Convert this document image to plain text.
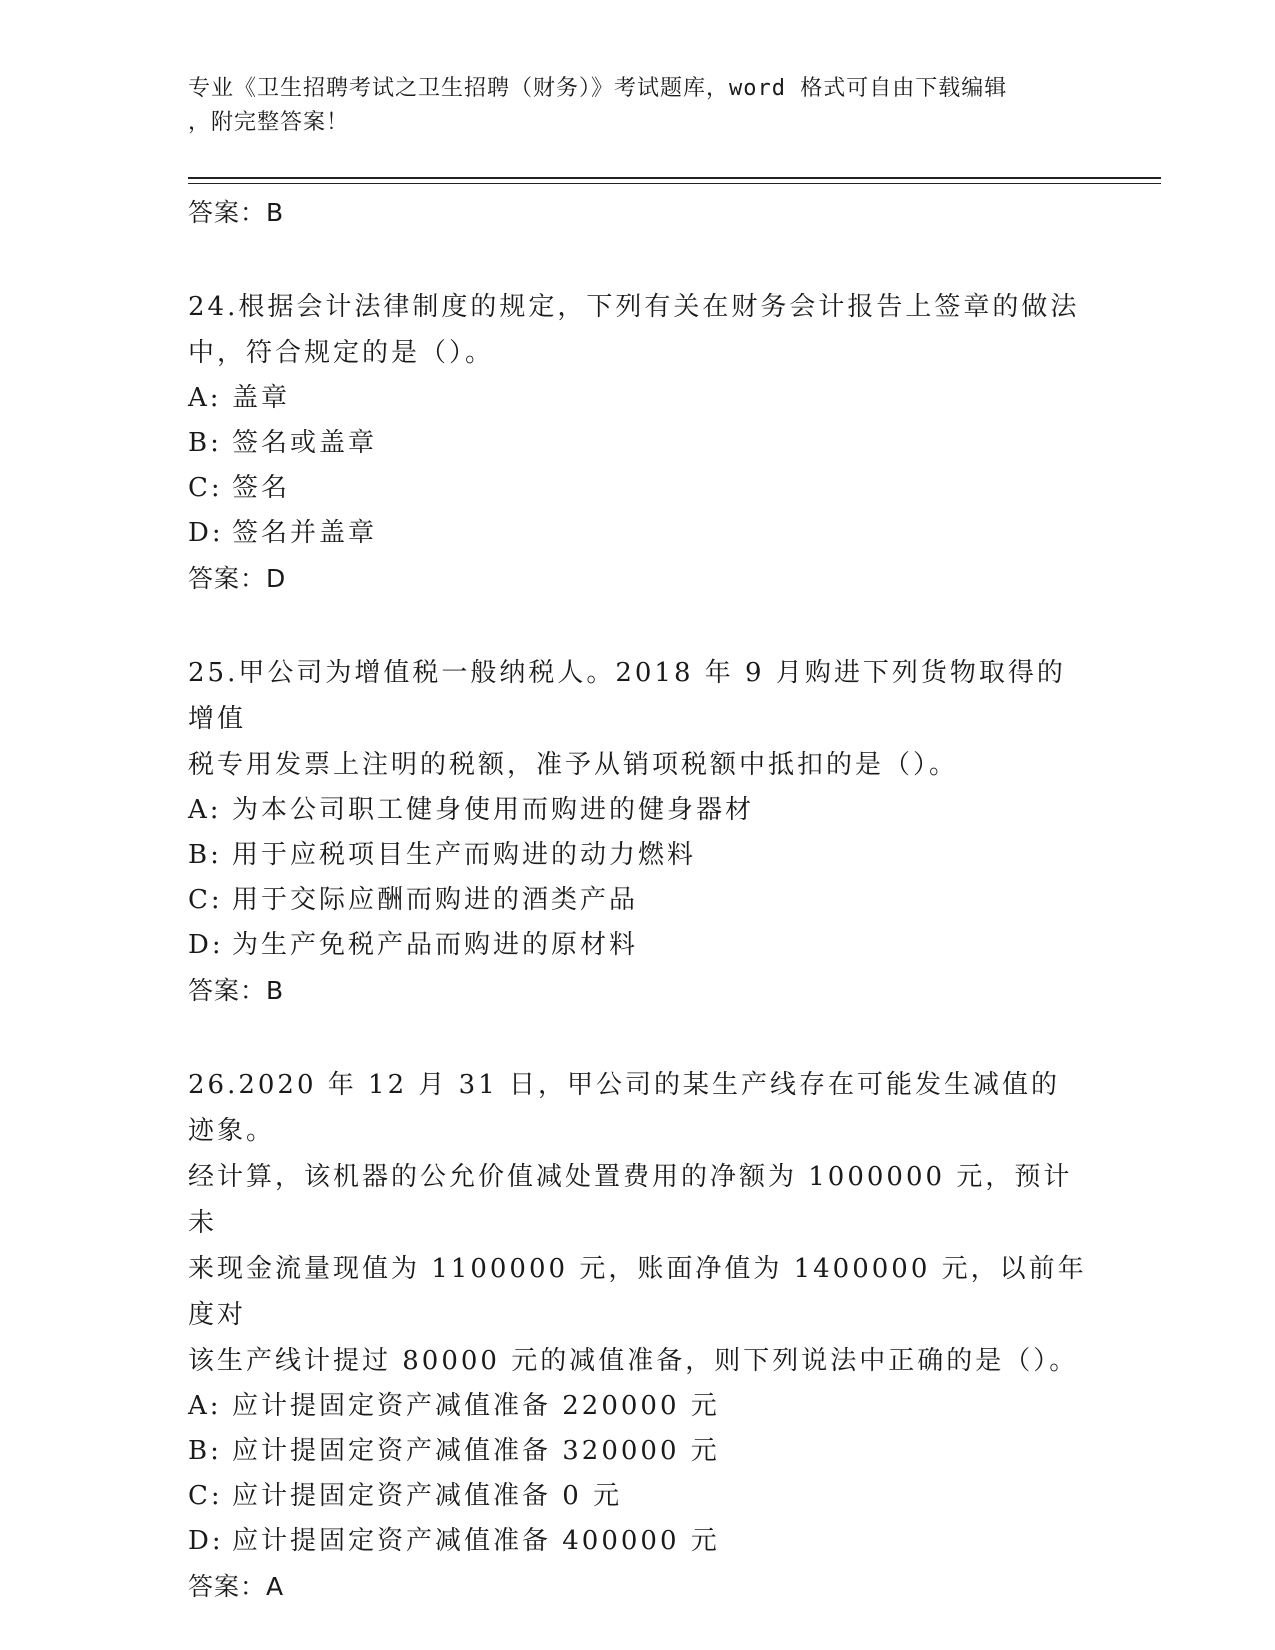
专业《卫生招聘考试之卫生招聘（财务）》考试题库，word 格式可自由下载编辑
，附完整答案！
答案：B
24.根据会计法律制度的规定，下列有关在财务会计报告上签章的做法
中，符合规定的是（）。
A: 盖章
B: 签名或盖章
C: 签名
D: 签名并盖章
答案：D
25.甲公司为增值税一般纳税人。2018 年 9 月购进下列货物取得的增值
税专用发票上注明的税额，准予从销项税额中抵扣的是（）。
A: 为本公司职工健身使用而购进的健身器材
B: 用于应税项目生产而购进的动力燃料
C: 用于交际应酬而购进的酒类产品
D: 为生产免税产品而购进的原材料
答案：B
26.2020 年 12 月 31 日，甲公司的某生产线存在可能发生减值的迹象。
经计算，该机器的公允价值减处置费用的净额为 1000000 元，预计未
来现金流量现值为 1100000 元，账面净值为 1400000 元，以前年度对
该生产线计提过 80000 元的减值准备，则下列说法中正确的是（）。
A: 应计提固定资产减值准备 220000 元
B: 应计提固定资产减值准备 320000 元
C: 应计提固定资产减值准备 0 元
D: 应计提固定资产减值准备 400000 元
答案：A
